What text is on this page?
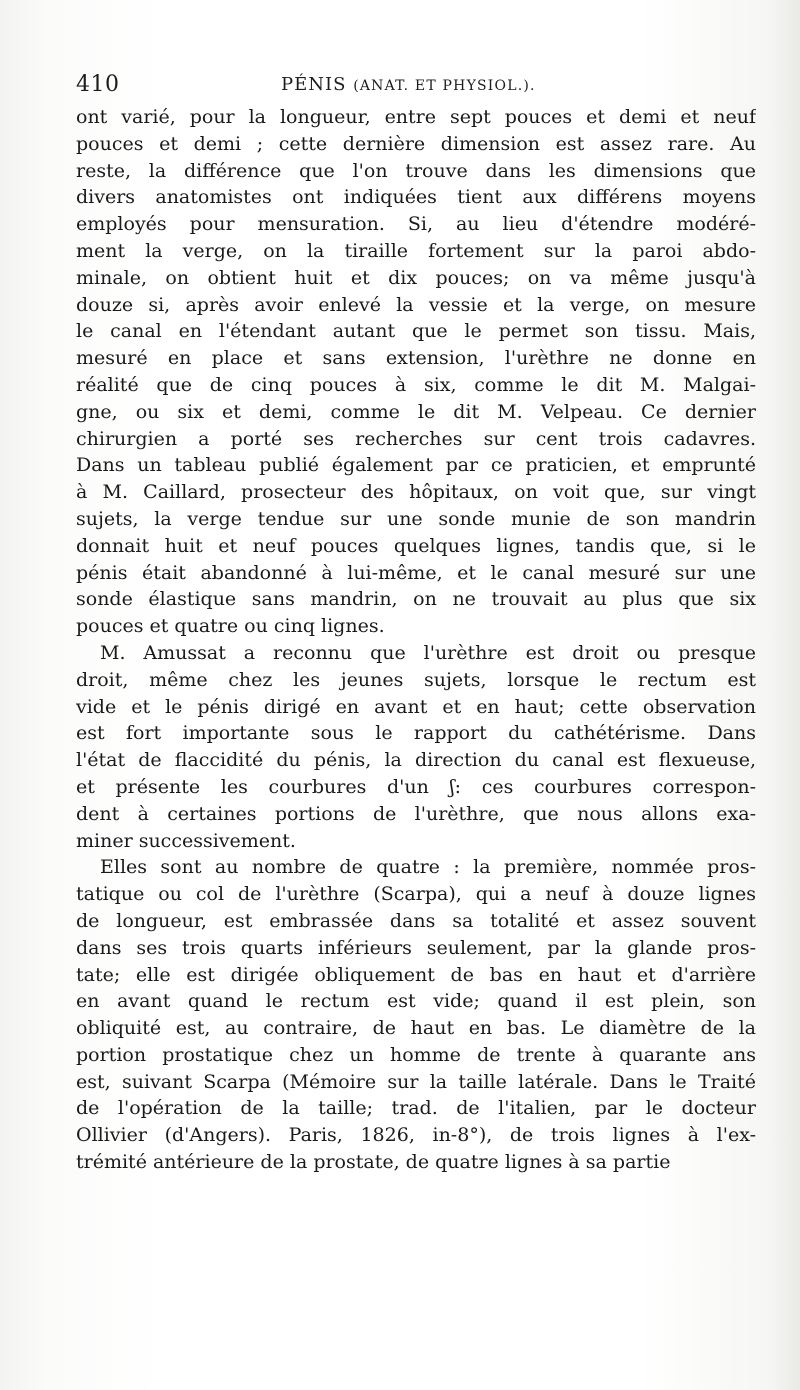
410	PÉNIS (ANAT. ET PHYSIOL.).
ont varié, pour la longueur, entre sept pouces et demi et neuf
pouces et demi ; cette dernière dimension est assez rare. Au
reste, la différence que l'on trouve dans les dimensions que
divers anatomistes ont indiquées tient aux différens moyens
employés pour mensuration. Si, au lieu d'étendre modéré-
ment la verge, on la tiraille fortement sur la paroi abdo-
minale, on obtient huit et dix pouces; on va même jusqu'à
douze si, après avoir enlevé la vessie et la verge, on mesure
le canal en l'étendant autant que le permet son tissu. Mais,
mesuré en place et sans extension, l'urèthre ne donne en
réalité que de cinq pouces à six, comme le dit M. Malgai-
gne, ou six et demi, comme le dit M. Velpeau. Ce dernier
chirurgien a porté ses recherches sur cent trois cadavres.
Dans un tableau publié également par ce praticien, et emprunté
à M. Caillard, prosecteur des hôpitaux, on voit que, sur vingt
sujets, la verge tendue sur une sonde munie de son mandrin
donnait huit et neuf pouces quelques lignes, tandis que, si le
pénis était abandonné à lui-même, et le canal mesuré sur une
sonde élastique sans mandrin, on ne trouvait au plus que six
pouces et quatre ou cinq lignes.
M. Amussat a reconnu que l'urèthre est droit ou presque
droit, même chez les jeunes sujets, lorsque le rectum est
vide et le pénis dirigé en avant et en haut; cette observation
est fort importante sous le rapport du cathétérisme. Dans
l'état de flaccidité du pénis, la direction du canal est flexueuse,
et présente les courbures d'un ʃ: ces courbures correspon-
dent à certaines portions de l'urèthre, que nous allons exa-
miner successivement.
Elles sont au nombre de quatre : la première, nommée pros-
tatique ou col de l'urèthre (Scarpa), qui a neuf à douze lignes
de longueur, est embrassée dans sa totalité et assez souvent
dans ses trois quarts inférieurs seulement, par la glande pros-
tate; elle est dirigée obliquement de bas en haut et d'arrière
en avant quand le rectum est vide; quand il est plein, son
obliquité est, au contraire, de haut en bas. Le diamètre de la
portion prostatique chez un homme de trente à quarante ans
est, suivant Scarpa (Mémoire sur la taille latérale. Dans le Traité
de l'opération de la taille; trad. de l'italien, par le docteur
Ollivier (d'Angers). Paris, 1826, in-8°), de trois lignes à l'ex-
trémité antérieure de la prostate, de quatre lignes à sa partie
